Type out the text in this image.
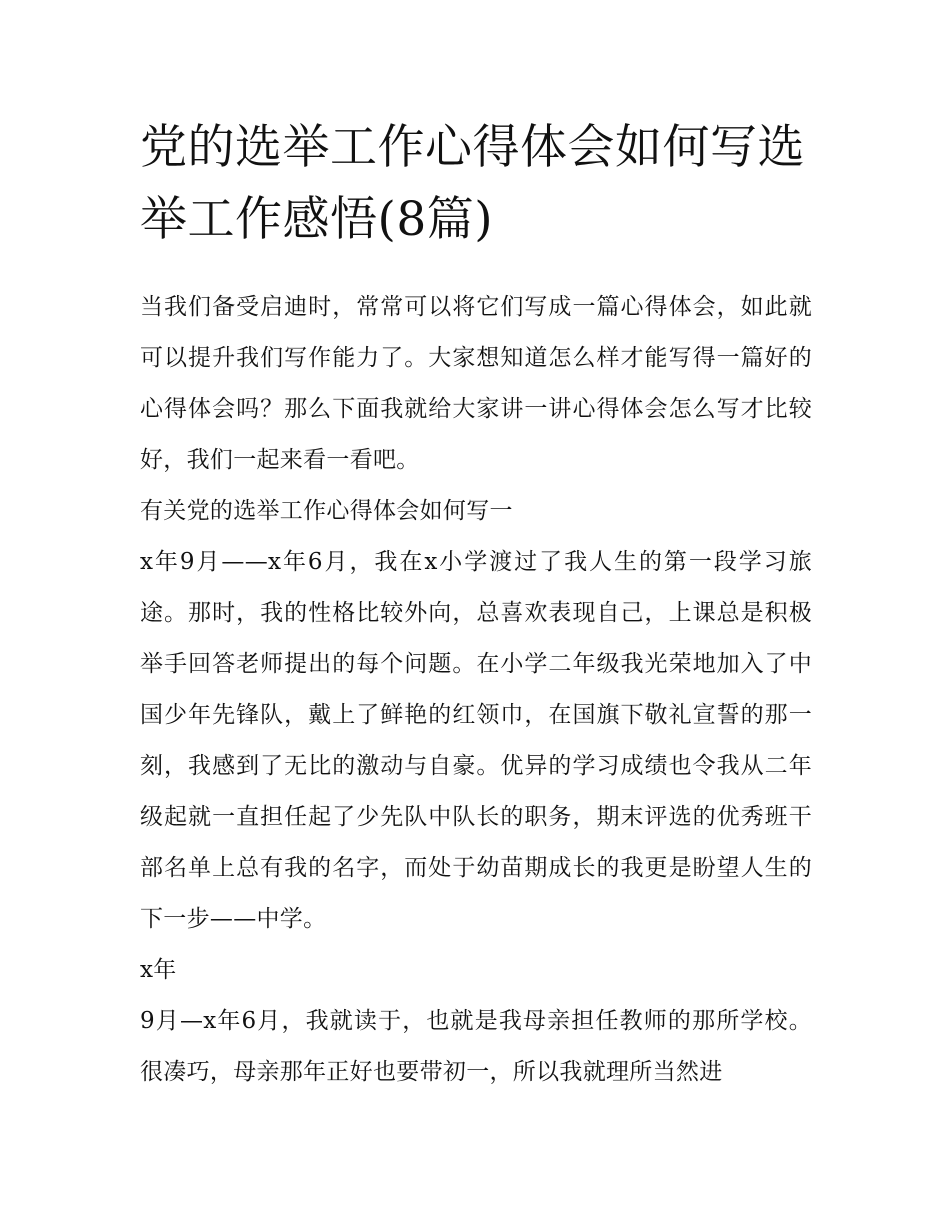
党的选举工作心得体会如何写选举工作感悟(8篇)

当我们备受启迪时，常常可以将它们写成一篇心得体会，如此就可以提升我们写作能力了。大家想知道怎么样才能写得一篇好的心得体会吗？那么下面我就给大家讲一讲心得体会怎么写才比较好，我们一起来看一看吧。

有关党的选举工作心得体会如何写一

x年9月——x年6月，我在x小学渡过了我人生的第一段学习旅途。那时，我的性格比较外向，总喜欢表现自己，上课总是积极举手回答老师提出的每个问题。在小学二年级我光荣地加入了中国少年先锋队，戴上了鲜艳的红领巾，在国旗下敬礼宣誓的那一刻，我感到了无比的激动与自豪。优异的学习成绩也令我从二年级起就一直担任起了少先队中队长的职务，期末评选的优秀班干部名单上总有我的名字，而处于幼苗期成长的我更是盼望人生的下一步——中学。

x年

9月—x年6月，我就读于，也就是我母亲担任教师的那所学校。很凑巧，母亲那年正好也要带初一，所以我就理所当然进
